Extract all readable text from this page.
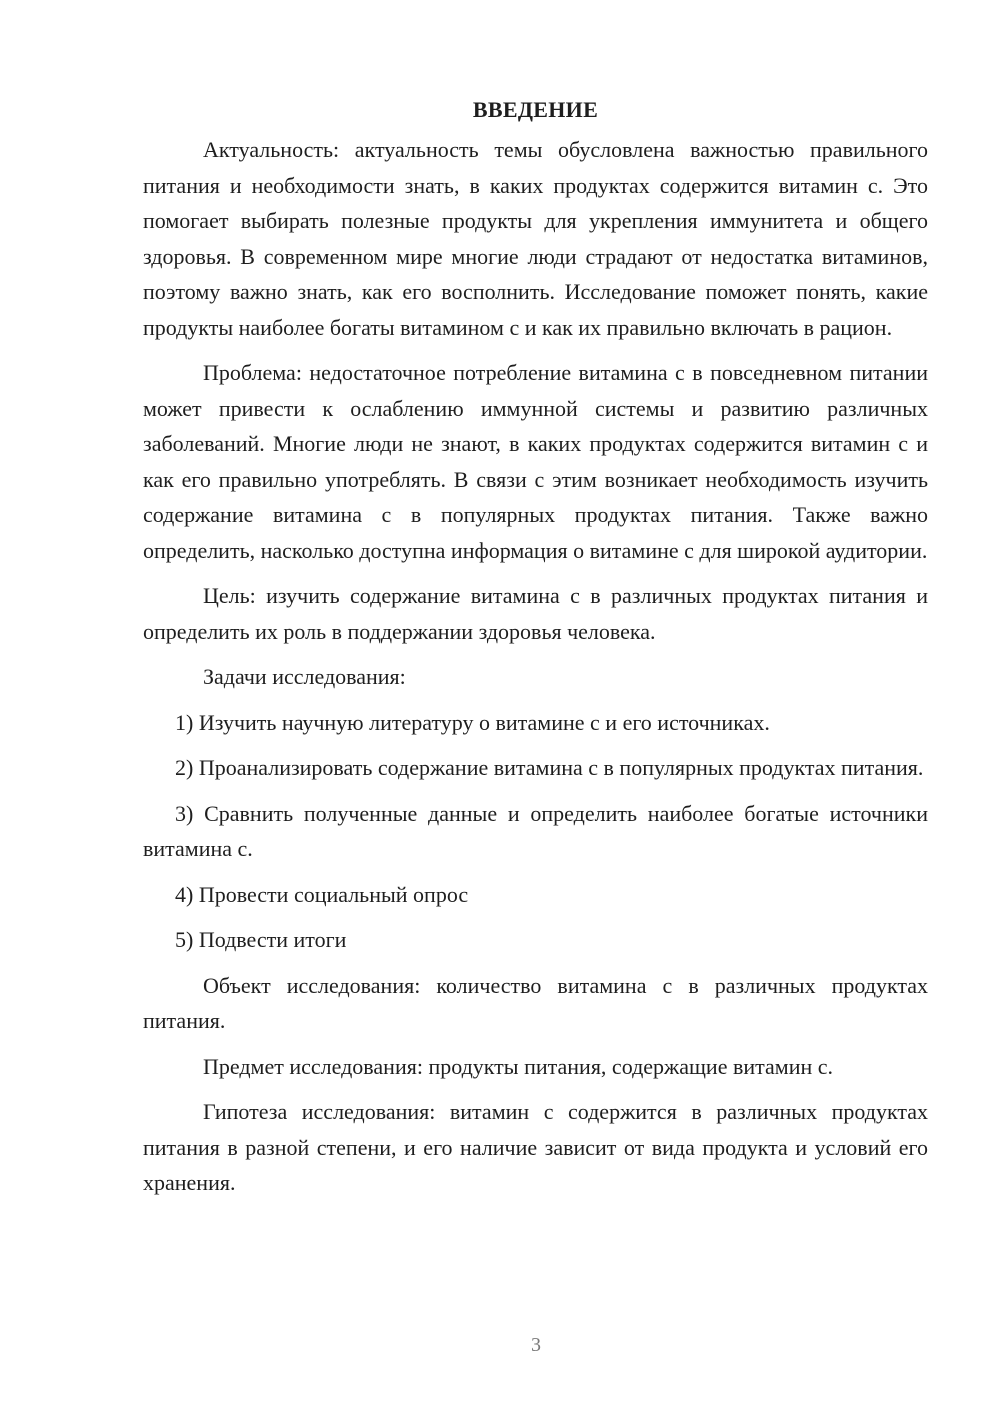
ВВЕДЕНИЕ

Актуальность: актуальность темы обусловлена важностью правильного питания и необходимости знать, в каких продуктах содержится витамин с. Это помогает выбирать полезные продукты для укрепления иммунитета и общего здоровья. В современном мире многие люди страдают от недостатка витаминов, поэтому важно знать, как его восполнить. Исследование поможет понять, какие продукты наиболее богаты витамином с и как их правильно включать в рацион.

Проблема: недостаточное потребление витамина с в повседневном питании может привести к ослаблению иммунной системы и развитию различных заболеваний. Многие люди не знают, в каких продуктах содержится витамин с и как его правильно употреблять. В связи с этим возникает необходимость изучить содержание витамина с в популярных продуктах питания. Также важно определить, насколько доступна информация о витамине с для широкой аудитории.

Цель: изучить содержание витамина с в различных продуктах питания и определить их роль в поддержании здоровья человека.

Задачи исследования:

1) Изучить научную литературу о витамине с и его источниках.

2) Проанализировать содержание витамина с в популярных продуктах питания.

3) Сравнить полученные данные и определить наиболее богатые источники витамина с.

4) Провести социальный опрос

5) Подвести итоги

Объект исследования: количество витамина с в различных продуктах питания.

Предмет исследования: продукты питания, содержащие витамин с.

Гипотеза исследования: витамин с содержится в различных продуктах питания в разной степени, и его наличие зависит от вида продукта и условий его хранения.

3
